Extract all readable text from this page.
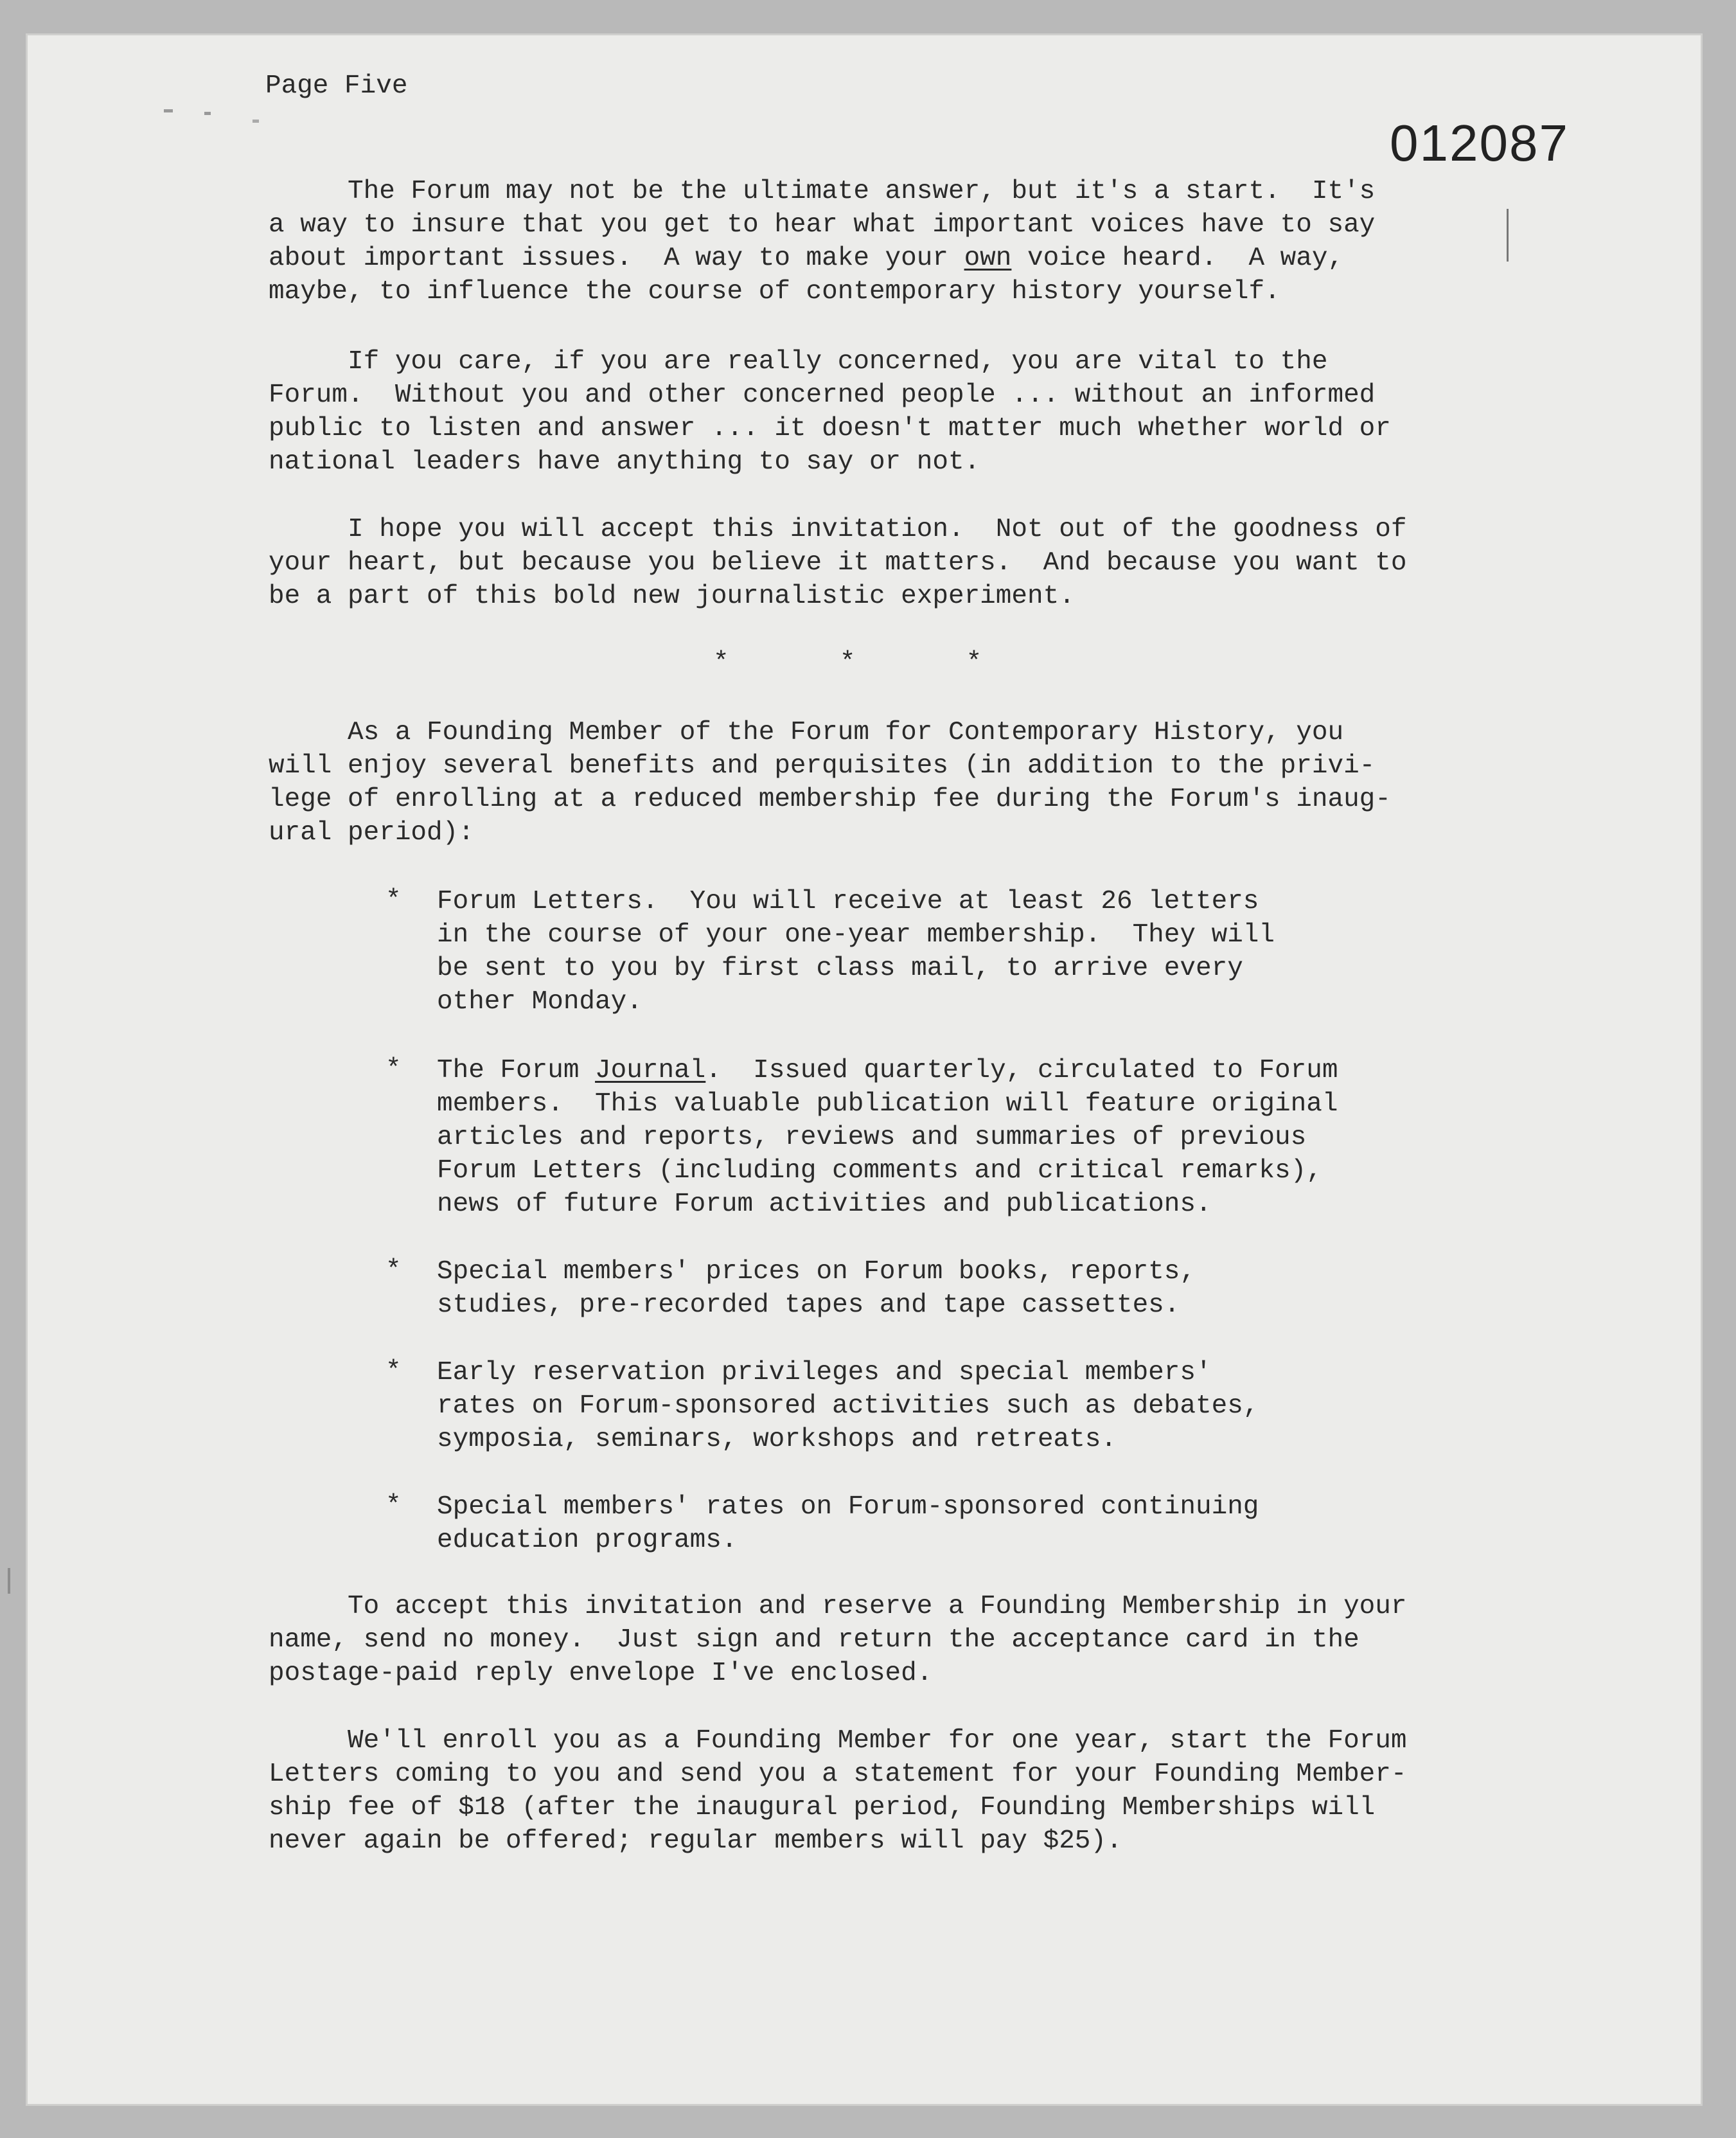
Page Five
012087
The Forum may not be the ultimate answer, but it's a start.  It's
a way to insure that you get to hear what important voices have to say
about important issues.  A way to make your own voice heard.  A way,
maybe, to influence the course of contemporary history yourself.
If you care, if you are really concerned, you are vital to the
Forum.  Without you and other concerned people ... without an informed
public to listen and answer ... it doesn't matter much whether world or
national leaders have anything to say or not.
I hope you will accept this invitation.  Not out of the goodness of
your heart, but because you believe it matters.  And because you want to
be a part of this bold new journalistic experiment.
*       *       *
As a Founding Member of the Forum for Contemporary History, you
will enjoy several benefits and perquisites (in addition to the privi-
lege of enrolling at a reduced membership fee during the Forum's inaug-
ural period):
* Forum Letters.  You will receive at least 26 letters
in the course of your one-year membership.  They will
be sent to you by first class mail, to arrive every
other Monday.
* The Forum Journal.  Issued quarterly, circulated to Forum
members.  This valuable publication will feature original
articles and reports, reviews and summaries of previous
Forum Letters (including comments and critical remarks),
news of future Forum activities and publications.
* Special members' prices on Forum books, reports,
studies, pre-recorded tapes and tape cassettes.
* Early reservation privileges and special members'
rates on Forum-sponsored activities such as debates,
symposia, seminars, workshops and retreats.
* Special members' rates on Forum-sponsored continuing
education programs.
To accept this invitation and reserve a Founding Membership in your
name, send no money.  Just sign and return the acceptance card in the
postage-paid reply envelope I've enclosed.
We'll enroll you as a Founding Member for one year, start the Forum
Letters coming to you and send you a statement for your Founding Member-
ship fee of $18 (after the inaugural period, Founding Memberships will
never again be offered; regular members will pay $25).
